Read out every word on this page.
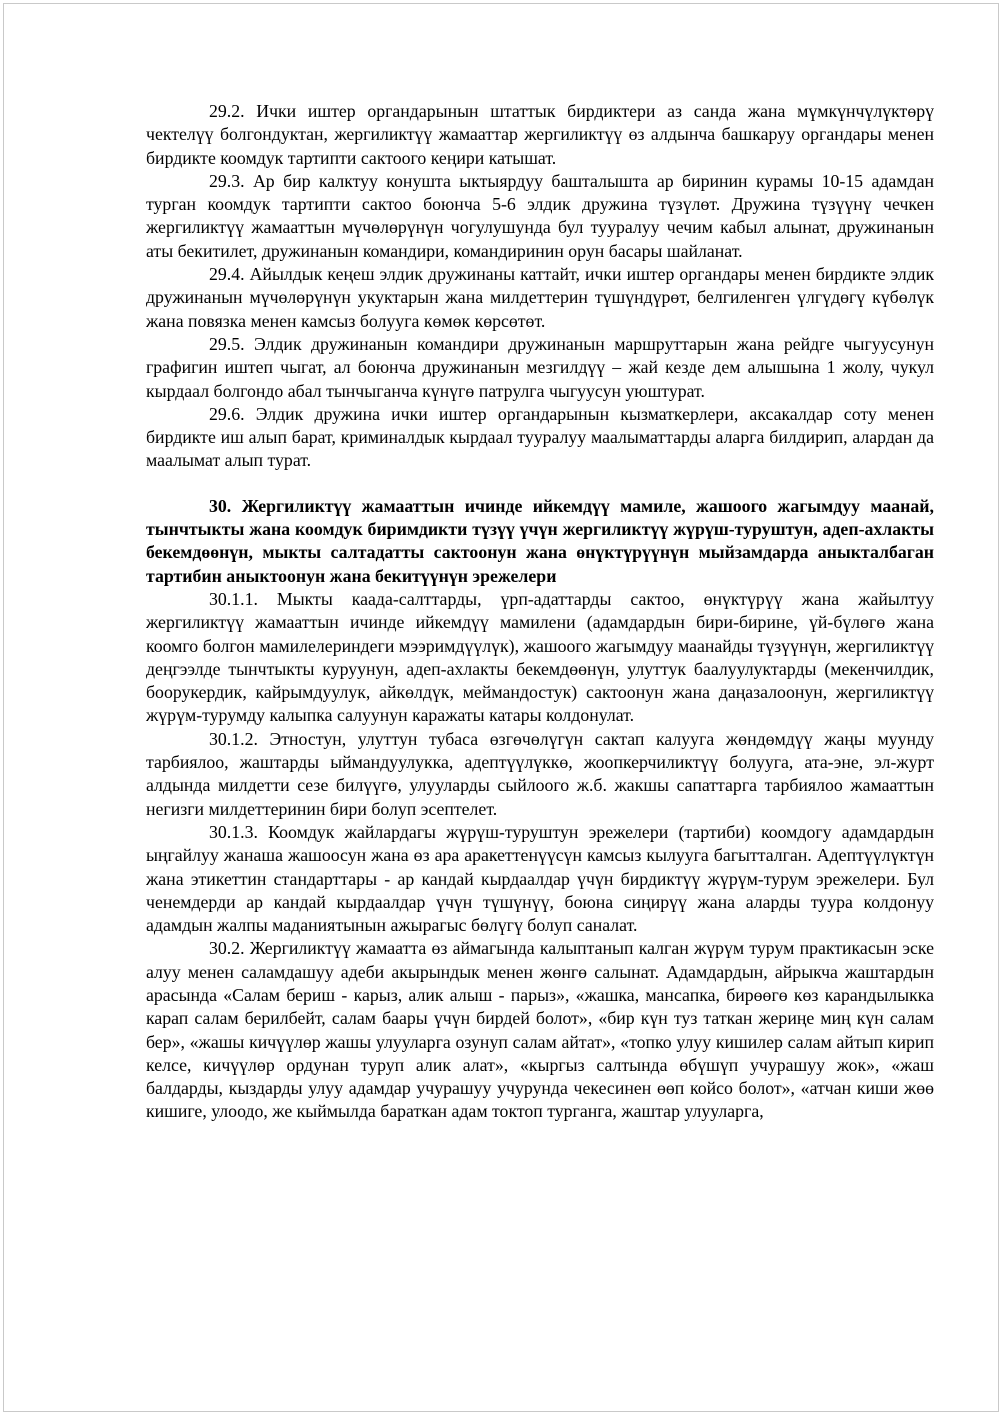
29.2. Ички иштер органдарынын штаттык бирдиктери аз санда жана мүмкүнчүлүктөрү чектелүү болгондуктан, жергиликтүү жамааттар жергиликтүү өз алдынча башкаруу органдары менен бирдикте коомдук тартипти сактоого кеңири катышат.

29.3. Ар бир калктуу конушта ыктыярдуу башталышта ар биринин курамы 10-15 адамдан турган коомдук тартипти сактоо боюнча 5-6 элдик дружина түзүлөт. Дружина түзүүнү чечкен жергиликтүү жамааттын мүчөлөрүнүн чогулушунда бул тууралуу чечим кабыл алынат, дружинанын аты бекитилет, дружинанын командири, командиринин орун басары шайланат.

29.4. Айылдык кеңеш элдик дружинаны каттайт, ички иштер органдары менен бирдикте элдик дружинанын мүчөлөрүнүн укуктарын жана милдеттерин түшүндүрөт, белгиленген үлгүдөгү күбөлүк жана повязка менен камсыз болууга көмөк көрсөтөт.

29.5. Элдик дружинанын командири дружинанын маршруттарын жана рейдге чыгуусунун графигин иштеп чыгат, ал боюнча дружинанын мезгилдүү – жай кезде дем алышына 1 жолу, чукул кырдаал болгондо абал тынчыганча күнүгө патрулга чыгуусун уюштурат.

29.6. Элдик дружина ички иштер органдарынын кызматкерлери, аксакалдар соту менен бирдикте иш алып барат, криминалдык кырдаал тууралуу маалыматтарды аларга билдирип, алардан да маалымат алып турат.

30. Жергиликтүү жамааттын ичинде ийкемдүү мамиле, жашоого жагымдуу маанай, тынчтыкты жана коомдук биримдикти түзүү үчүн жергиликтүү жүрүш-туруштун, адеп-ахлакты бекемдөөнүн, мыкты салтадатты сактоонун жана өнүктүрүүнүн мыйзамдарда аныкталбаган тартибин аныктоонун жана бекитүүнүн эрежелери

30.1.1. Мыкты каада-салттарды, үрп-адаттарды сактоо, өнүктүрүү жана жайылтуу жергиликтүү жамааттын ичинде ийкемдүү мамилени (адамдардын бири-бирине, үй-бүлөгө жана коомго болгон мамилелериндеги мээримдүүлүк), жашоого жагымдуу маанайды түзүүнүн, жергиликтүү деңгээлде тынчтыкты куруунун, адеп-ахлакты бекемдөөнүн, улуттук баалуулуктарды (мекенчилдик, боорукердик, кайрымдуулук, айкөлдүк, меймандостук) сактоонун жана даңазалоонун, жергиликтүү жүрүм-турумду калыпка салуунун каражаты катары колдонулат.

30.1.2. Этностун, улуттун тубаса өзгөчөлүгүн сактап калууга жөндөмдүү жаңы муунду тарбиялоо, жаштарды ыймандуулукка, адептүүлүккө, жоопкерчиликтүү болууга, ата-эне, эл-журт алдында милдетти сезе билүүгө, улууларды сыйлоого ж.б. жакшы сапаттарга тарбиялоо жамааттын негизги милдеттеринин бири болуп эсептелет.

30.1.3. Коомдук жайлардагы жүрүш-туруштун эрежелери (тартиби) коомдогу адамдардын ыңгайлуу жанаша жашоосун жана өз ара аракеттенүүсүн камсыз кылууга багытталган. Адептүүлүктүн жана этикеттин стандарттары - ар кандай кырдаалдар үчүн бирдиктүү жүрүм-турум эрежелери. Бул ченемдерди ар кандай кырдаалдар үчүн түшүнүү, боюна сиңирүү жана аларды туура колдонуу адамдын жалпы маданиятынын ажырагыс бөлүгү болуп саналат.

30.2. Жергиликтүү жамаатта өз аймагында калыптанып калган жүрүм турум практикасын эске алуу менен саламдашуу адеби акырындык менен жөнгө салынат. Адамдардын, айрыкча жаштардын арасында «Салам бериш - карыз, алик алыш - парыз», «жашка, мансапка, бирөөгө көз карандылыкка карап салам берилбейт, салам баары үчүн бирдей болот», «бир күн туз таткан жериңе миң күн салам бер», «жашы кичүүлөр жашы улууларга озунуп салам айтат», «топко улуу кишилер салам айтып кирип келсе, кичүүлөр ордунан туруп алик алат», «кыргыз салтында өбүшүп учурашуу жок», «жаш балдарды, кыздарды улуу адамдар учурашуу учурунда чекесинен өөп койсо болот», «атчан киши жөө кишиге, улоодо, же кыймылда бараткан адам токтоп турганга, жаштар улууларга,
